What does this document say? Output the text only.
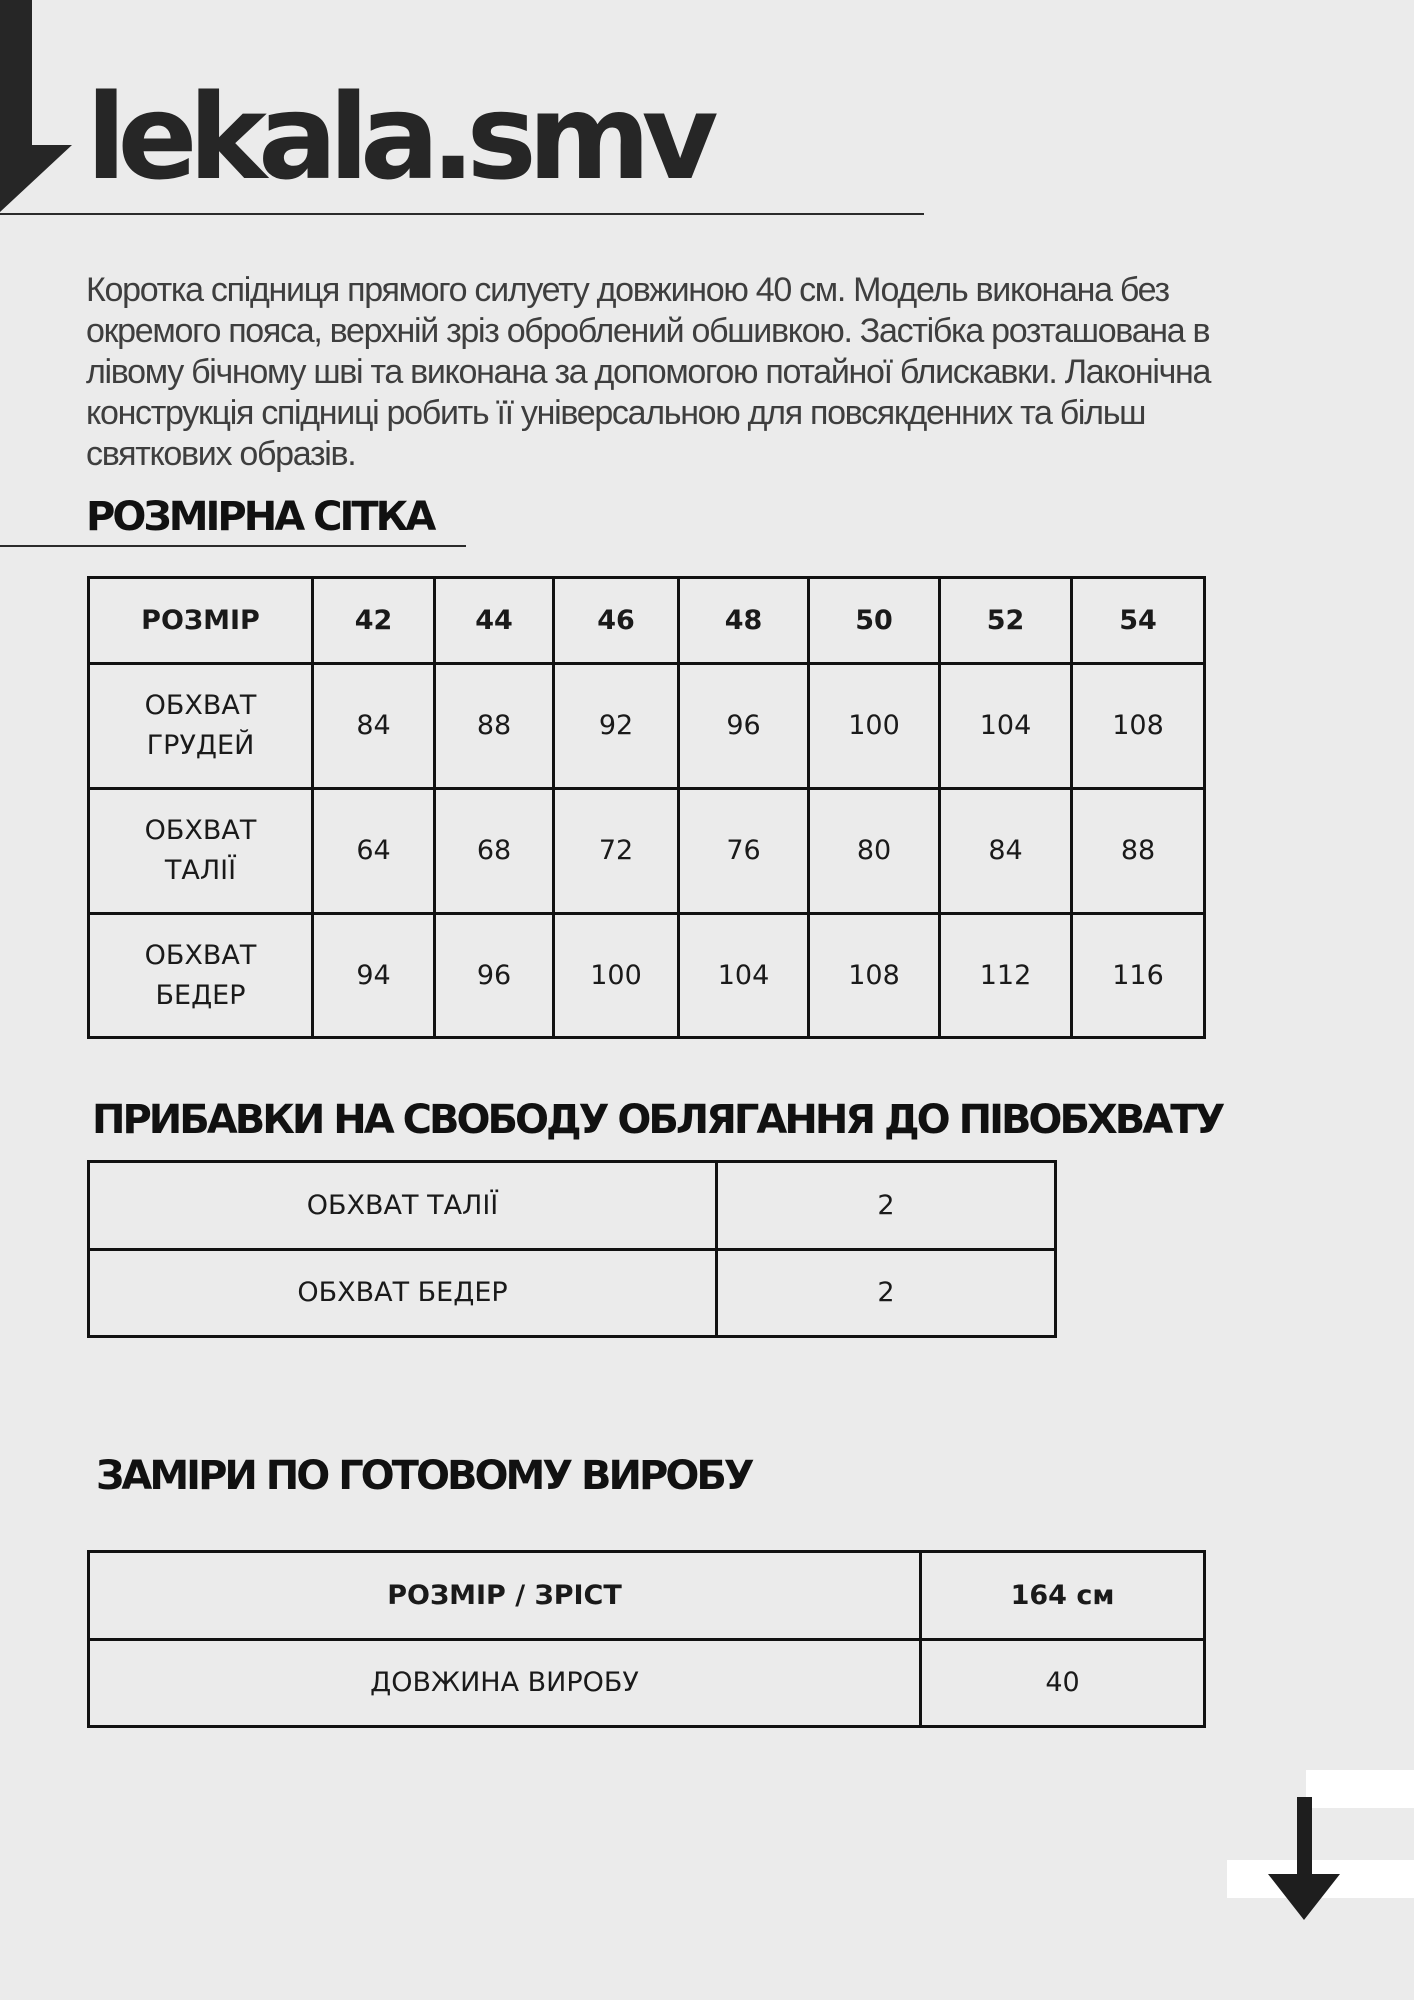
lekala.smv

Коротка спідниця прямого силуету довжиною 40 см. Модель виконана без окремого пояса, верхній зріз оброблений обшивкою. Застібка розташована в лівому бічному шві та виконана за допомогою потайної блискавки. Лаконічна конструкція спідниці робить її універсальною для повсякденних та більш святкових образів.

РОЗМІРНА СІТКА
РОЗМІР	42	44	46	48	50	52	54
ОБХВАТ
ГРУДЕЙ	84	88	92	96	100	104	108
ОБХВАТ
ТАЛІЇ	64	68	72	76	80	84	88
ОБХВАТ
БЕДЕР	94	96	100	104	108	112	116
ПРИБАВКИ НА СВОБОДУ ОБЛЯГАННЯ ДО ПІВОБХВАТУ
ОБХВАТ ТАЛІЇ	2
ОБХВАТ БЕДЕР	2
ЗАМІРИ ПО ГОТОВОМУ ВИРОБУ
РОЗМІР / ЗРІСТ	164 см
ДОВЖИНА ВИРОБУ	40
